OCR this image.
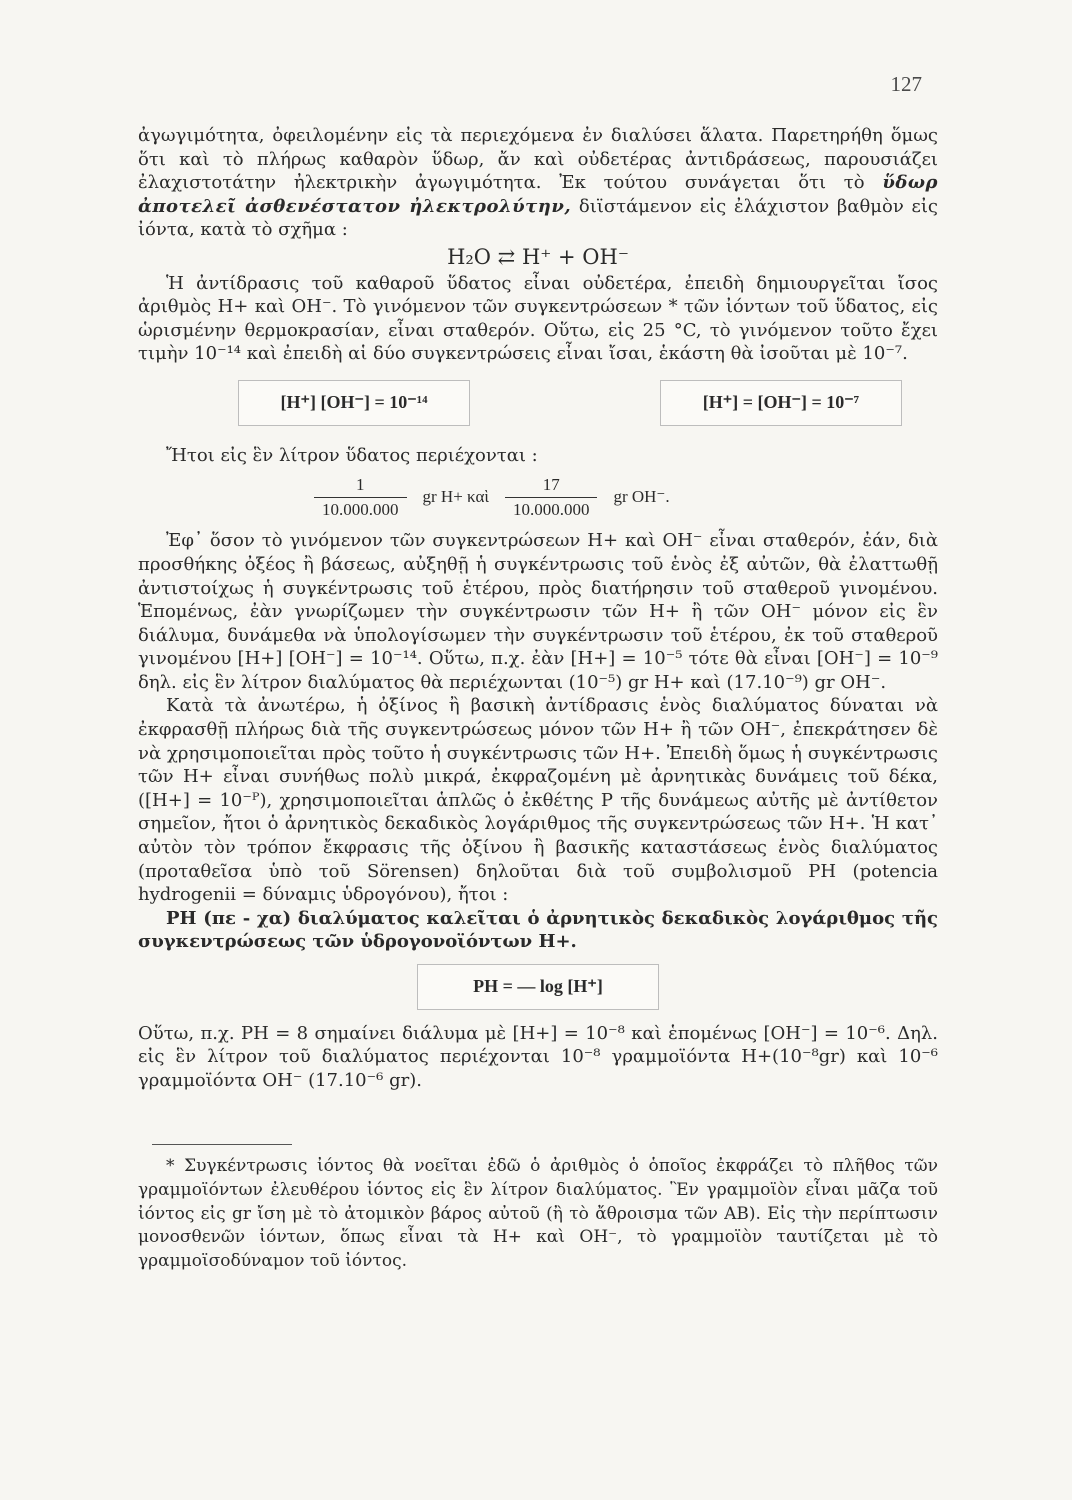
127

ἀγωγιμότητα, ὀφειλομένην εἰς τὰ περιεχόμενα ἐν διαλύσει ἅλατα. Παρετηρήθη ὅμως ὅτι καὶ τὸ πλήρως καθαρὸν ὕδωρ, ἄν καὶ οὐδετέρας ἀντιδράσεως, παρουσιάζει ἐλαχιστοτάτην ἠλεκτρικὴν ἀγωγιμότητα. Ἐκ τούτου συνάγεται ὅτι τὸ ὕδωρ ἀποτελεῖ ἀσθενέστατον ἠλεκτρολύτην, διϊστάμενον εἰς ἐλάχιστον βαθμὸν εἰς ἰόντα, κατὰ τὸ σχῆμα :

H₂O ⇄ H⁺ + OH⁻

Ἡ ἀντίδρασις τοῦ καθαροῦ ὕδατος εἶναι οὐδετέρα, ἐπειδὴ δημιουργεῖται ἴσος ἀριθμὸς H+ καὶ OH⁻. Τὸ γινόμενον τῶν συγκεντρώσεων * τῶν ἰόντων τοῦ ὕδατος, εἰς ὡρισμένην θερμοκρασίαν, εἶναι σταθερόν. Οὕτω, εἰς 25 °C, τὸ γινόμενον τοῦτο ἔχει τιμὴν 10⁻¹⁴ καὶ ἐπειδὴ αἱ δύο συγκεντρώσεις εἶναι ἴσαι, ἑκάστη θὰ ἰσοῦται μὲ 10⁻⁷.

[H⁺] [OH⁻] = 10⁻¹⁴	[H⁺] = [OH⁻] = 10⁻⁷

Ἤτοι εἰς ἓν λίτρον ὕδατος περιέχονται :

$\frac{1}{10.000.000}$ gr H+ καὶ $\frac{17}{10.000.000}$ gr OH⁻.

Ἐφ᾽ ὅσον τὸ γινόμενον τῶν συγκεντρώσεων H+ καὶ OH⁻ εἶναι σταθερόν, ἐάν, διὰ προσθήκης ὀξέος ἢ βάσεως, αὐξηθῇ ἡ συγκέντρωσις τοῦ ἑνὸς ἐξ αὐτῶν, θὰ ἐλαττωθῇ ἀντιστοίχως ἡ συγκέντρωσις τοῦ ἑτέρου, πρὸς διατήρησιν τοῦ σταθεροῦ γινομένου. Ἑπομένως, ἐὰν γνωρίζωμεν τὴν συγκέντρωσιν τῶν H+ ἢ τῶν OH⁻ μόνον εἰς ἓν διάλυμα, δυνάμεθα νὰ ὑπολογίσωμεν τὴν συγκέντρωσιν τοῦ ἑτέρου, ἐκ τοῦ σταθεροῦ γινομένου [H+] [OH⁻] = 10⁻¹⁴. Οὕτω, π.χ. ἐὰν [H+] = 10⁻⁵ τότε θὰ εἶναι [OH⁻] = 10⁻⁹ δηλ. εἰς ἓν λίτρον διαλύματος θὰ περιέχωνται (10⁻⁵) gr H+ καὶ (17.10⁻⁹) gr OH⁻.

Κατὰ τὰ ἀνωτέρω, ἡ ὀξίνος ἢ βασικὴ ἀντίδρασις ἑνὸς διαλύματος δύναται νὰ ἐκφρασθῇ πλήρως διὰ τῆς συγκεντρώσεως μόνον τῶν H+ ἢ τῶν OH⁻, ἐπεκράτησεν δὲ νὰ χρησιμοποιεῖται πρὸς τοῦτο ἡ συγκέντρωσις τῶν H+. Ἐπειδὴ ὅμως ἡ συγκέντρωσις τῶν H+ εἶναι συνήθως πολὺ μικρά, ἐκφραζομένη μὲ ἀρνητικὰς δυνάμεις τοῦ δέκα, ([H+] = 10⁻ᴾ), χρησιμοποιεῖται ἁπλῶς ὁ ἐκθέτης P τῆς δυνάμεως αὐτῆς μὲ ἀντίθετον σημεῖον, ἤτοι ὁ ἀρνητικὸς δεκαδικὸς λογάριθμος τῆς συγκεντρώσεως τῶν H+. Ἡ κατ᾽ αὐτὸν τὸν τρόπον ἔκφρασις τῆς ὀξίνου ἢ βασικῆς καταστάσεως ἑνὸς διαλύματος (προταθεῖσα ὑπὸ τοῦ Sörensen) δηλοῦται διὰ τοῦ συμβολισμοῦ PH (potencia hydrogenii = δύναμις ὑδρογόνου), ἤτοι :

PH (πε - χα) διαλύματος καλεῖται ὁ ἀρνητικὸς δεκαδικὸς λογάριθμος τῆς συγκεντρώσεως τῶν ὑδρογονοϊόντων H+.

PH = — log [H⁺]

Οὕτω, π.χ. PH = 8 σημαίνει διάλυμα μὲ [H+] = 10⁻⁸ καὶ ἑπομένως [OH⁻] = 10⁻⁶. Δηλ. εἰς ἓν λίτρον τοῦ διαλύματος περιέχονται 10⁻⁸ γραμμοϊόντα H+(10⁻⁸gr) καὶ 10⁻⁶ γραμμοϊόντα OH⁻ (17.10⁻⁶ gr).

* Συγκέντρωσις ἰόντος θὰ νοεῖται ἐδῶ ὁ ἀριθμὸς ὁ ὁποῖος ἐκφράζει τὸ πλῆθος τῶν γραμμοϊόντων ἐλευθέρου ἰόντος εἰς ἓν λίτρον διαλύματος. Ἓν γραμμοϊὸν εἶναι μᾶζα τοῦ ἰόντος εἰς gr ἴση μὲ τὸ ἀτομικὸν βάρος αὐτοῦ (ἢ τὸ ἄθροισμα τῶν AB). Εἰς τὴν περίπτωσιν μονοσθενῶν ἰόντων, ὅπως εἶναι τὰ H+ καὶ OH⁻, τὸ γραμμοϊὸν ταυτίζεται μὲ τὸ γραμμοϊσοδύναμον τοῦ ἰόντος.
